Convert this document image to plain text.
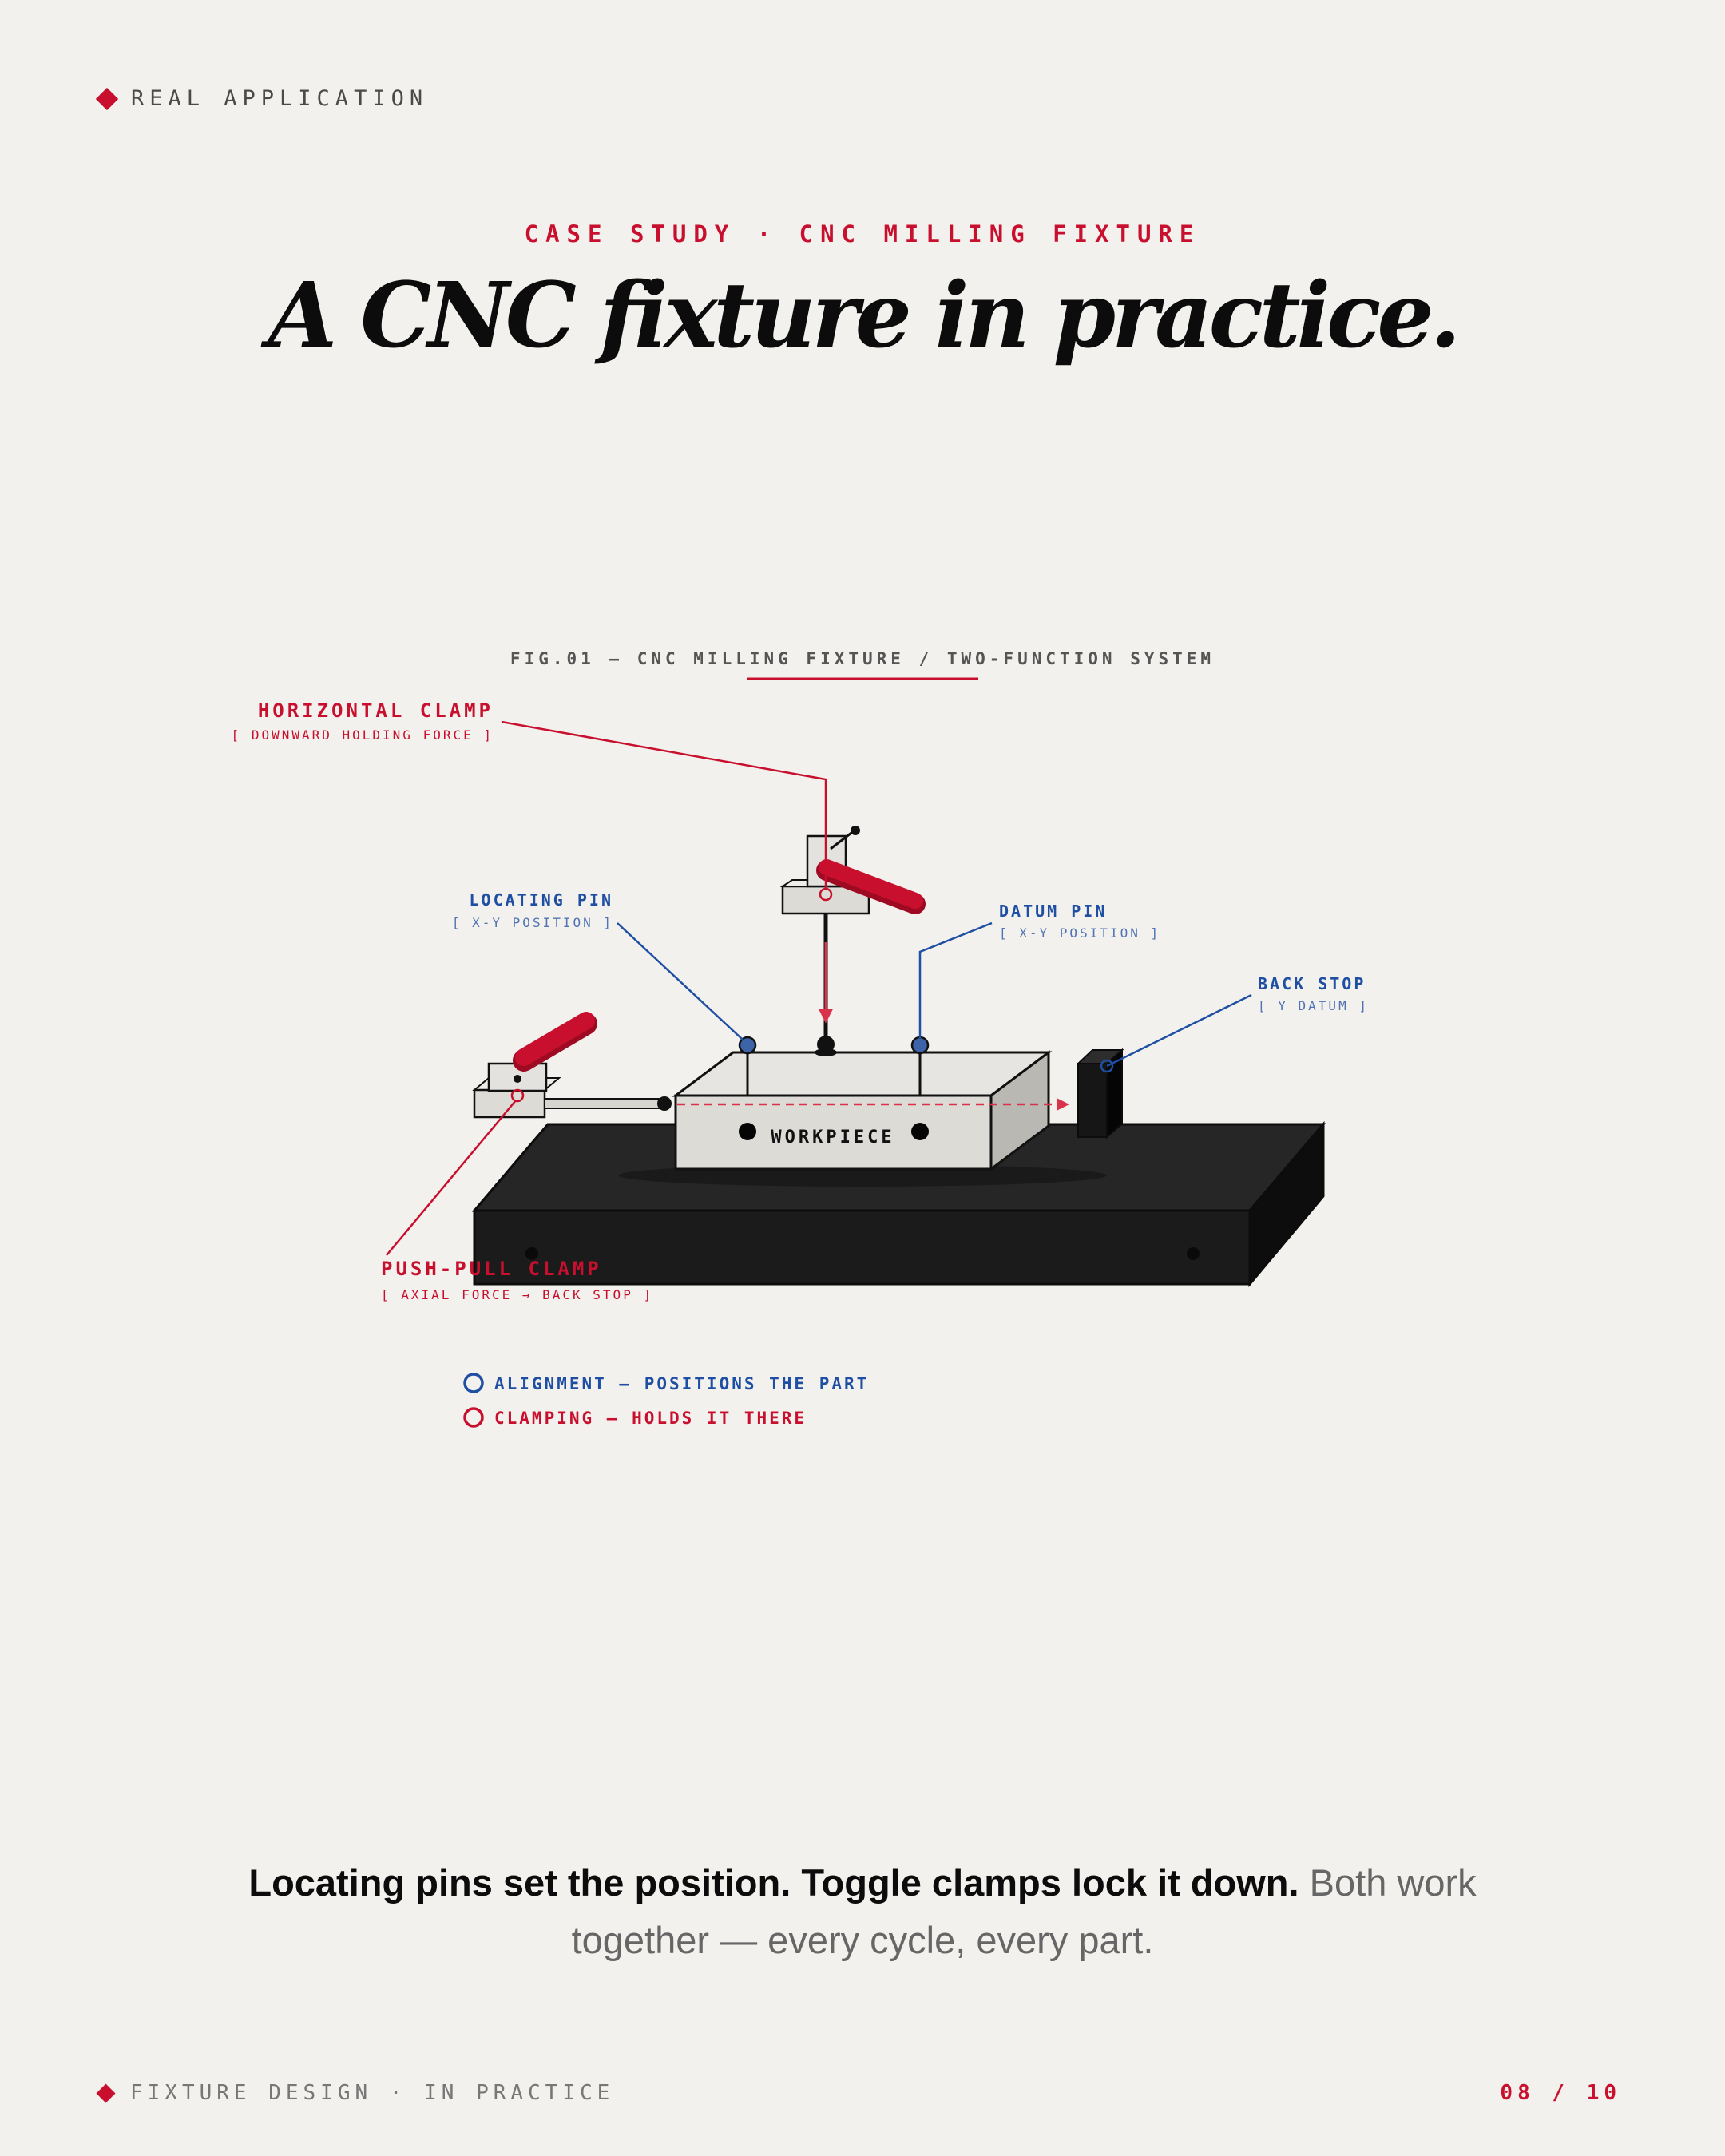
REAL APPLICATION
CASE STUDY · CNC MILLING FIXTURE
A CNC fixture in practice.
FIG.01 — CNC MILLING FIXTURE / TWO-FUNCTION SYSTEM
WORKPIECE
HORIZONTAL CLAMP
[ DOWNWARD HOLDING FORCE ]
LOCATING PIN
[ X-Y POSITION ]
DATUM PIN
[ X-Y POSITION ]
BACK STOP
[ Y DATUM ]
PUSH-PULL CLAMP
[ AXIAL FORCE → BACK STOP ]
ALIGNMENT — POSITIONS THE PART
CLAMPING — HOLDS IT THERE

Locating pins set the position. Toggle clamps lock it down. Both work together — every cycle, every part.

FIXTURE DESIGN · IN PRACTICE	08 / 10
